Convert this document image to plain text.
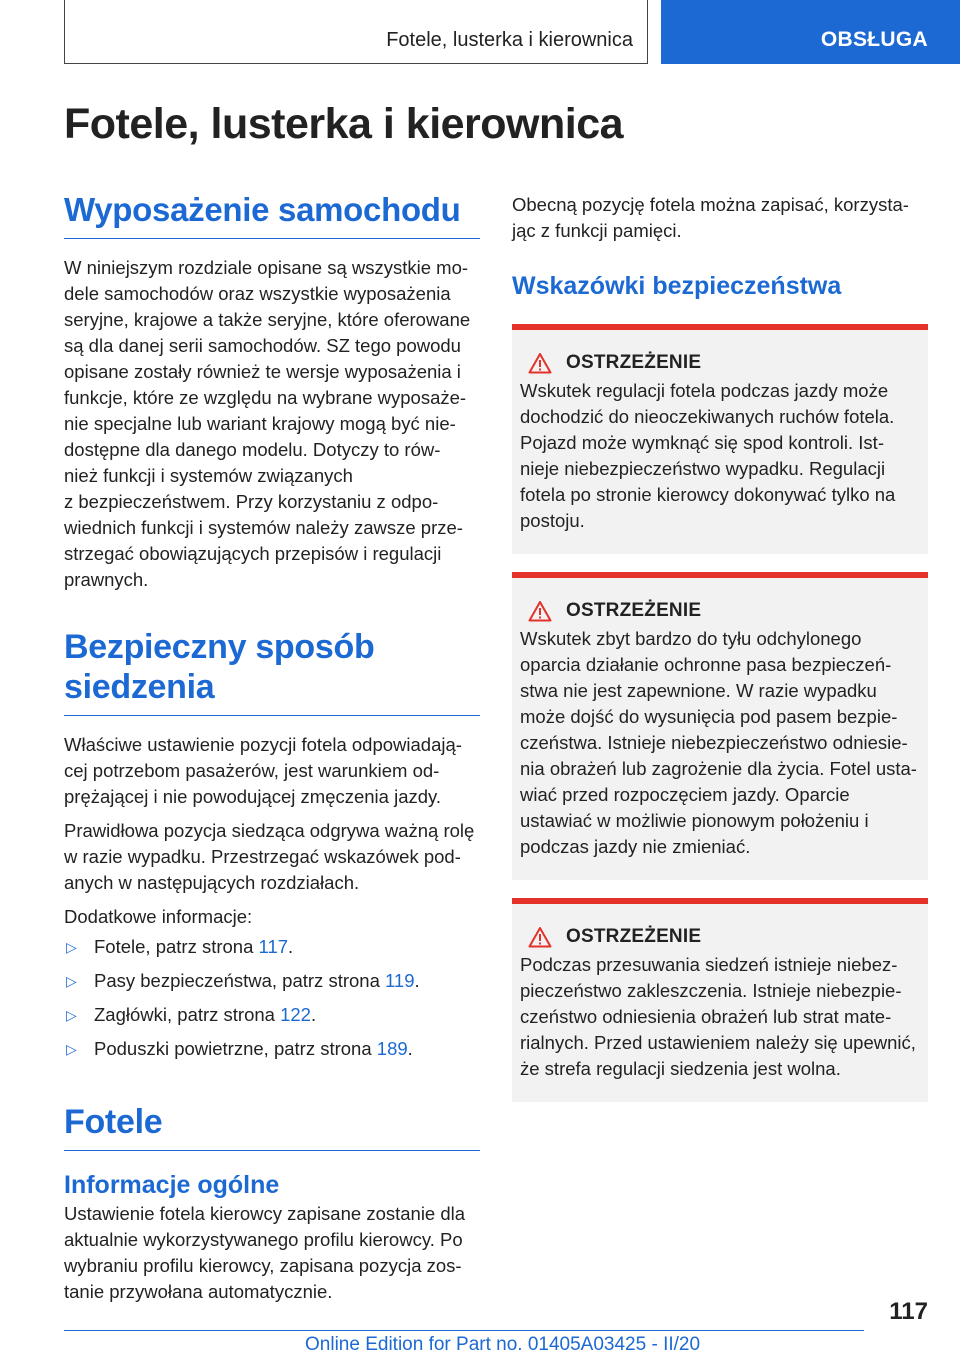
Fotele, lusterka i kierownica	OBSŁUGA
Fotele, lusterka i kierownica
Wyposażenie samochodu

W niniejszym rozdziale opisane są wszystkie mo‐
dele samochodów oraz wszystkie wyposażenia
seryjne, krajowe a także seryjne, które oferowane
są dla danej serii samochodów. SZ tego powodu
opisane zostały również te wersje wyposażenia i
funkcje, które ze względu na wybrane wyposaże‐
nie specjalne lub wariant krajowy mogą być nie‐
dostępne dla danego modelu. Dotyczy to rów‐
nież funkcji i systemów związanych
z bezpieczeństwem. Przy korzystaniu z odpo‐
wiednich funkcji i systemów należy zawsze prze‐
strzegać obowiązujących przepisów i regulacji
prawnych.

Bezpieczny sposób
siedzenia

Właściwe ustawienie pozycji fotela odpowiadają‐
cej potrzebom pasażerów, jest warunkiem od‐
prężającej i nie powodującej zmęczenia jazdy.

Prawidłowa pozycja siedząca odgrywa ważną rolę
w razie wypadku. Przestrzegać wskazówek pod‐
anych w następujących rozdziałach.

Dodatkowe informacje:

▷ Fotele, patrz strona 117.
▷ Pasy bezpieczeństwa, patrz strona 119.
▷ Zagłówki, patrz strona 122.
▷ Poduszki powietrzne, patrz strona 189.
Fotele
Informacje ogólne

Ustawienie fotela kierowcy zapisane zostanie dla
aktualnie wykorzystywanego profilu kierowcy. Po
wybraniu profilu kierowcy, zapisana pozycja zos‐
tanie przywołana automatycznie.

Obecną pozycję fotela można zapisać, korzysta‐
jąc z funkcji pamięci.

Wskazówki bezpieczeństwa
OSTRZEŻENIE

Wskutek regulacji fotela podczas jazdy może
dochodzić do nieoczekiwanych ruchów fotela.
Pojazd może wymknąć się spod kontroli. Ist‐
nieje niebezpieczeństwo wypadku. Regulacji
fotela po stronie kierowcy dokonywać tylko na
postoju.

OSTRZEŻENIE

Wskutek zbyt bardzo do tyłu odchylonego
oparcia działanie ochronne pasa bezpieczeń‐
stwa nie jest zapewnione. W razie wypadku
może dojść do wysunięcia pod pasem bezpie‐
czeństwa. Istnieje niebezpieczeństwo odniesie‐
nia obrażeń lub zagrożenie dla życia. Fotel usta‐
wiać przed rozpoczęciem jazdy. Oparcie
ustawiać w możliwie pionowym położeniu i
podczas jazdy nie zmieniać.

OSTRZEŻENIE

Podczas przesuwania siedzeń istnieje niebez‐
pieczeństwo zakleszczenia. Istnieje niebezpie‐
czeństwo odniesienia obrażeń lub strat mate‐
rialnych. Przed ustawieniem należy się upewnić,
że strefa regulacji siedzenia jest wolna.

117
Online Edition for Part no. 01405A03425 - II/20
